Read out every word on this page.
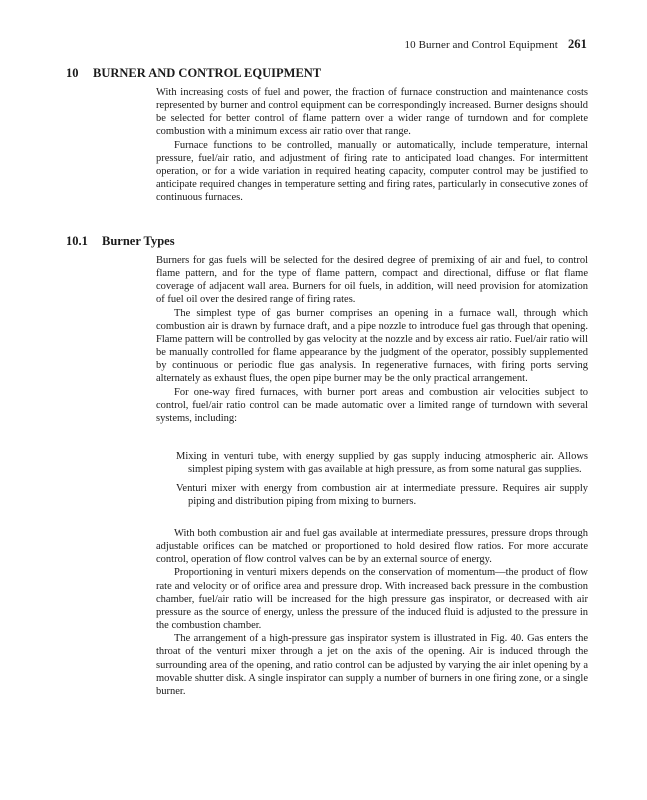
10 Burner and Control Equipment 261
10 BURNER AND CONTROL EQUIPMENT

With increasing costs of fuel and power, the fraction of furnace construction and maintenance costs represented by burner and control equipment can be correspondingly increased. Burner designs should be selected for better control of flame pattern over a wider range of turndown and for complete combustion with a minimum excess air ratio over that range.

Furnace functions to be controlled, manually or automatically, include temperature, internal pressure, fuel/air ratio, and adjustment of firing rate to anticipated load changes. For intermittent operation, or for a wide variation in required heating capacity, computer control may be justified to anticipate required changes in temperature setting and firing rates, particularly in consecutive zones of continuous furnaces.

10.1 Burner Types

Burners for gas fuels will be selected for the desired degree of premixing of air and fuel, to control flame pattern, and for the type of flame pattern, compact and directional, diffuse or flat flame coverage of adjacent wall area. Burners for oil fuels, in addition, will need provision for atomization of fuel oil over the desired range of firing rates.

The simplest type of gas burner comprises an opening in a furnace wall, through which combustion air is drawn by furnace draft, and a pipe nozzle to introduce fuel gas through that opening. Flame pattern will be controlled by gas velocity at the nozzle and by excess air ratio. Fuel/air ratio will be manually controlled for flame appearance by the judgment of the operator, possibly supplemented by continuous or periodic flue gas analysis. In regenerative furnaces, with firing ports serving alternately as exhaust flues, the open pipe burner may be the only practical arrangement.

For one-way fired furnaces, with burner port areas and combustion air velocities subject to control, fuel/air ratio control can be made automatic over a limited range of turndown with several systems, including:

Mixing in venturi tube, with energy supplied by gas supply inducing atmospheric air. Allows simplest piping system with gas available at high pressure, as from some natural gas supplies.

Venturi mixer with energy from combustion air at intermediate pressure. Requires air supply piping and distribution piping from mixing to burners.

With both combustion air and fuel gas available at intermediate pressures, pressure drops through adjustable orifices can be matched or proportioned to hold desired flow ratios. For more accurate control, operation of flow control valves can be by an external source of energy.

Proportioning in venturi mixers depends on the conservation of momentum—the product of flow rate and velocity or of orifice area and pressure drop. With increased back pressure in the combustion chamber, fuel/air ratio will be increased for the high pressure gas inspirator, or decreased with air pressure as the source of energy, unless the pressure of the induced fluid is adjusted to the pressure in the combustion chamber.

The arrangement of a high-pressure gas inspirator system is illustrated in Fig. 40. Gas enters the throat of the venturi mixer through a jet on the axis of the opening. Air is induced through the surrounding area of the opening, and ratio control can be adjusted by varying the air inlet opening by a movable shutter disk. A single inspirator can supply a number of burners in one firing zone, or a single burner.
